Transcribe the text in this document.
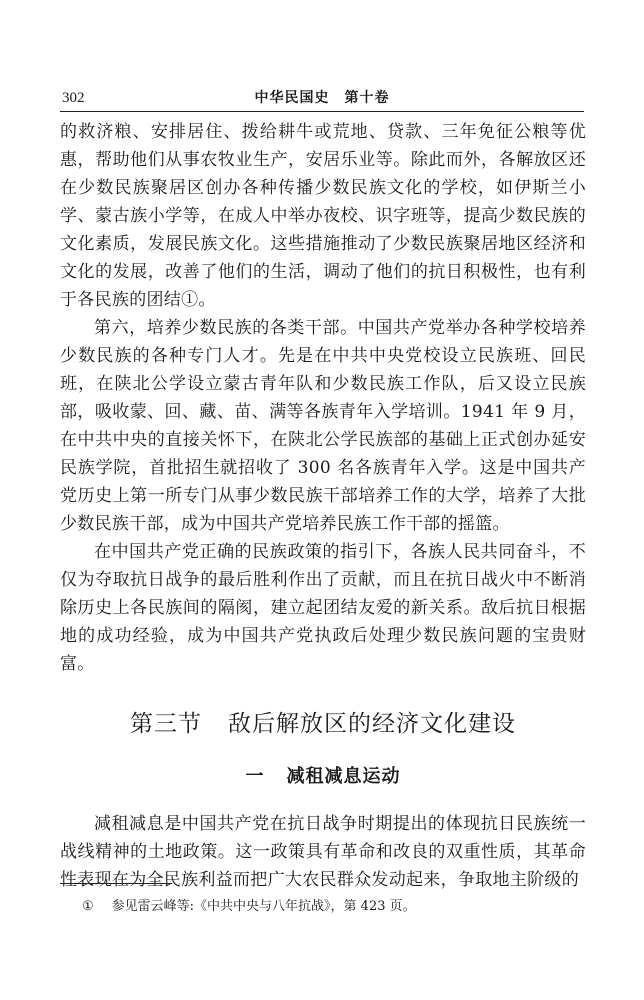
302	中华民国史　第十卷

的救济粮、安排居住、拨给耕牛或荒地、贷款、三年免征公粮等优惠，帮助他们从事农牧业生产，安居乐业等。除此而外，各解放区还在少数民族聚居区创办各种传播少数民族文化的学校，如伊斯兰小学、蒙古族小学等，在成人中举办夜校、识字班等，提高少数民族的文化素质，发展民族文化。这些措施推动了少数民族聚居地区经济和文化的发展，改善了他们的生活，调动了他们的抗日积极性，也有利于各民族的团结①。

第六，培养少数民族的各类干部。中国共产党举办各种学校培养少数民族的各种专门人才。先是在中共中央党校设立民族班、回民班，在陕北公学设立蒙古青年队和少数民族工作队，后又设立民族部，吸收蒙、回、藏、苗、满等各族青年入学培训。1941 年 9 月，在中共中央的直接关怀下，在陕北公学民族部的基础上正式创办延安民族学院，首批招生就招收了 300 名各族青年入学。这是中国共产党历史上第一所专门从事少数民族干部培养工作的大学，培养了大批少数民族干部，成为中国共产党培养民族工作干部的摇篮。

在中国共产党正确的民族政策的指引下，各族人民共同奋斗，不仅为夺取抗日战争的最后胜利作出了贡献，而且在抗日战火中不断消除历史上各民族间的隔阂，建立起团结友爱的新关系。敌后抗日根据地的成功经验，成为中国共产党执政后处理少数民族问题的宝贵财富。

第三节 敌后解放区的经济文化建设
一 减租减息运动

减租减息是中国共产党在抗日战争时期提出的体现抗日民族统一战线精神的土地政策。这一政策具有革命和改良的双重性质，其革命性表现在为全民族利益而把广大农民群众发动起来，争取地主阶级的

① 参见雷云峰等:《中共中央与八年抗战》，第 423 页。
